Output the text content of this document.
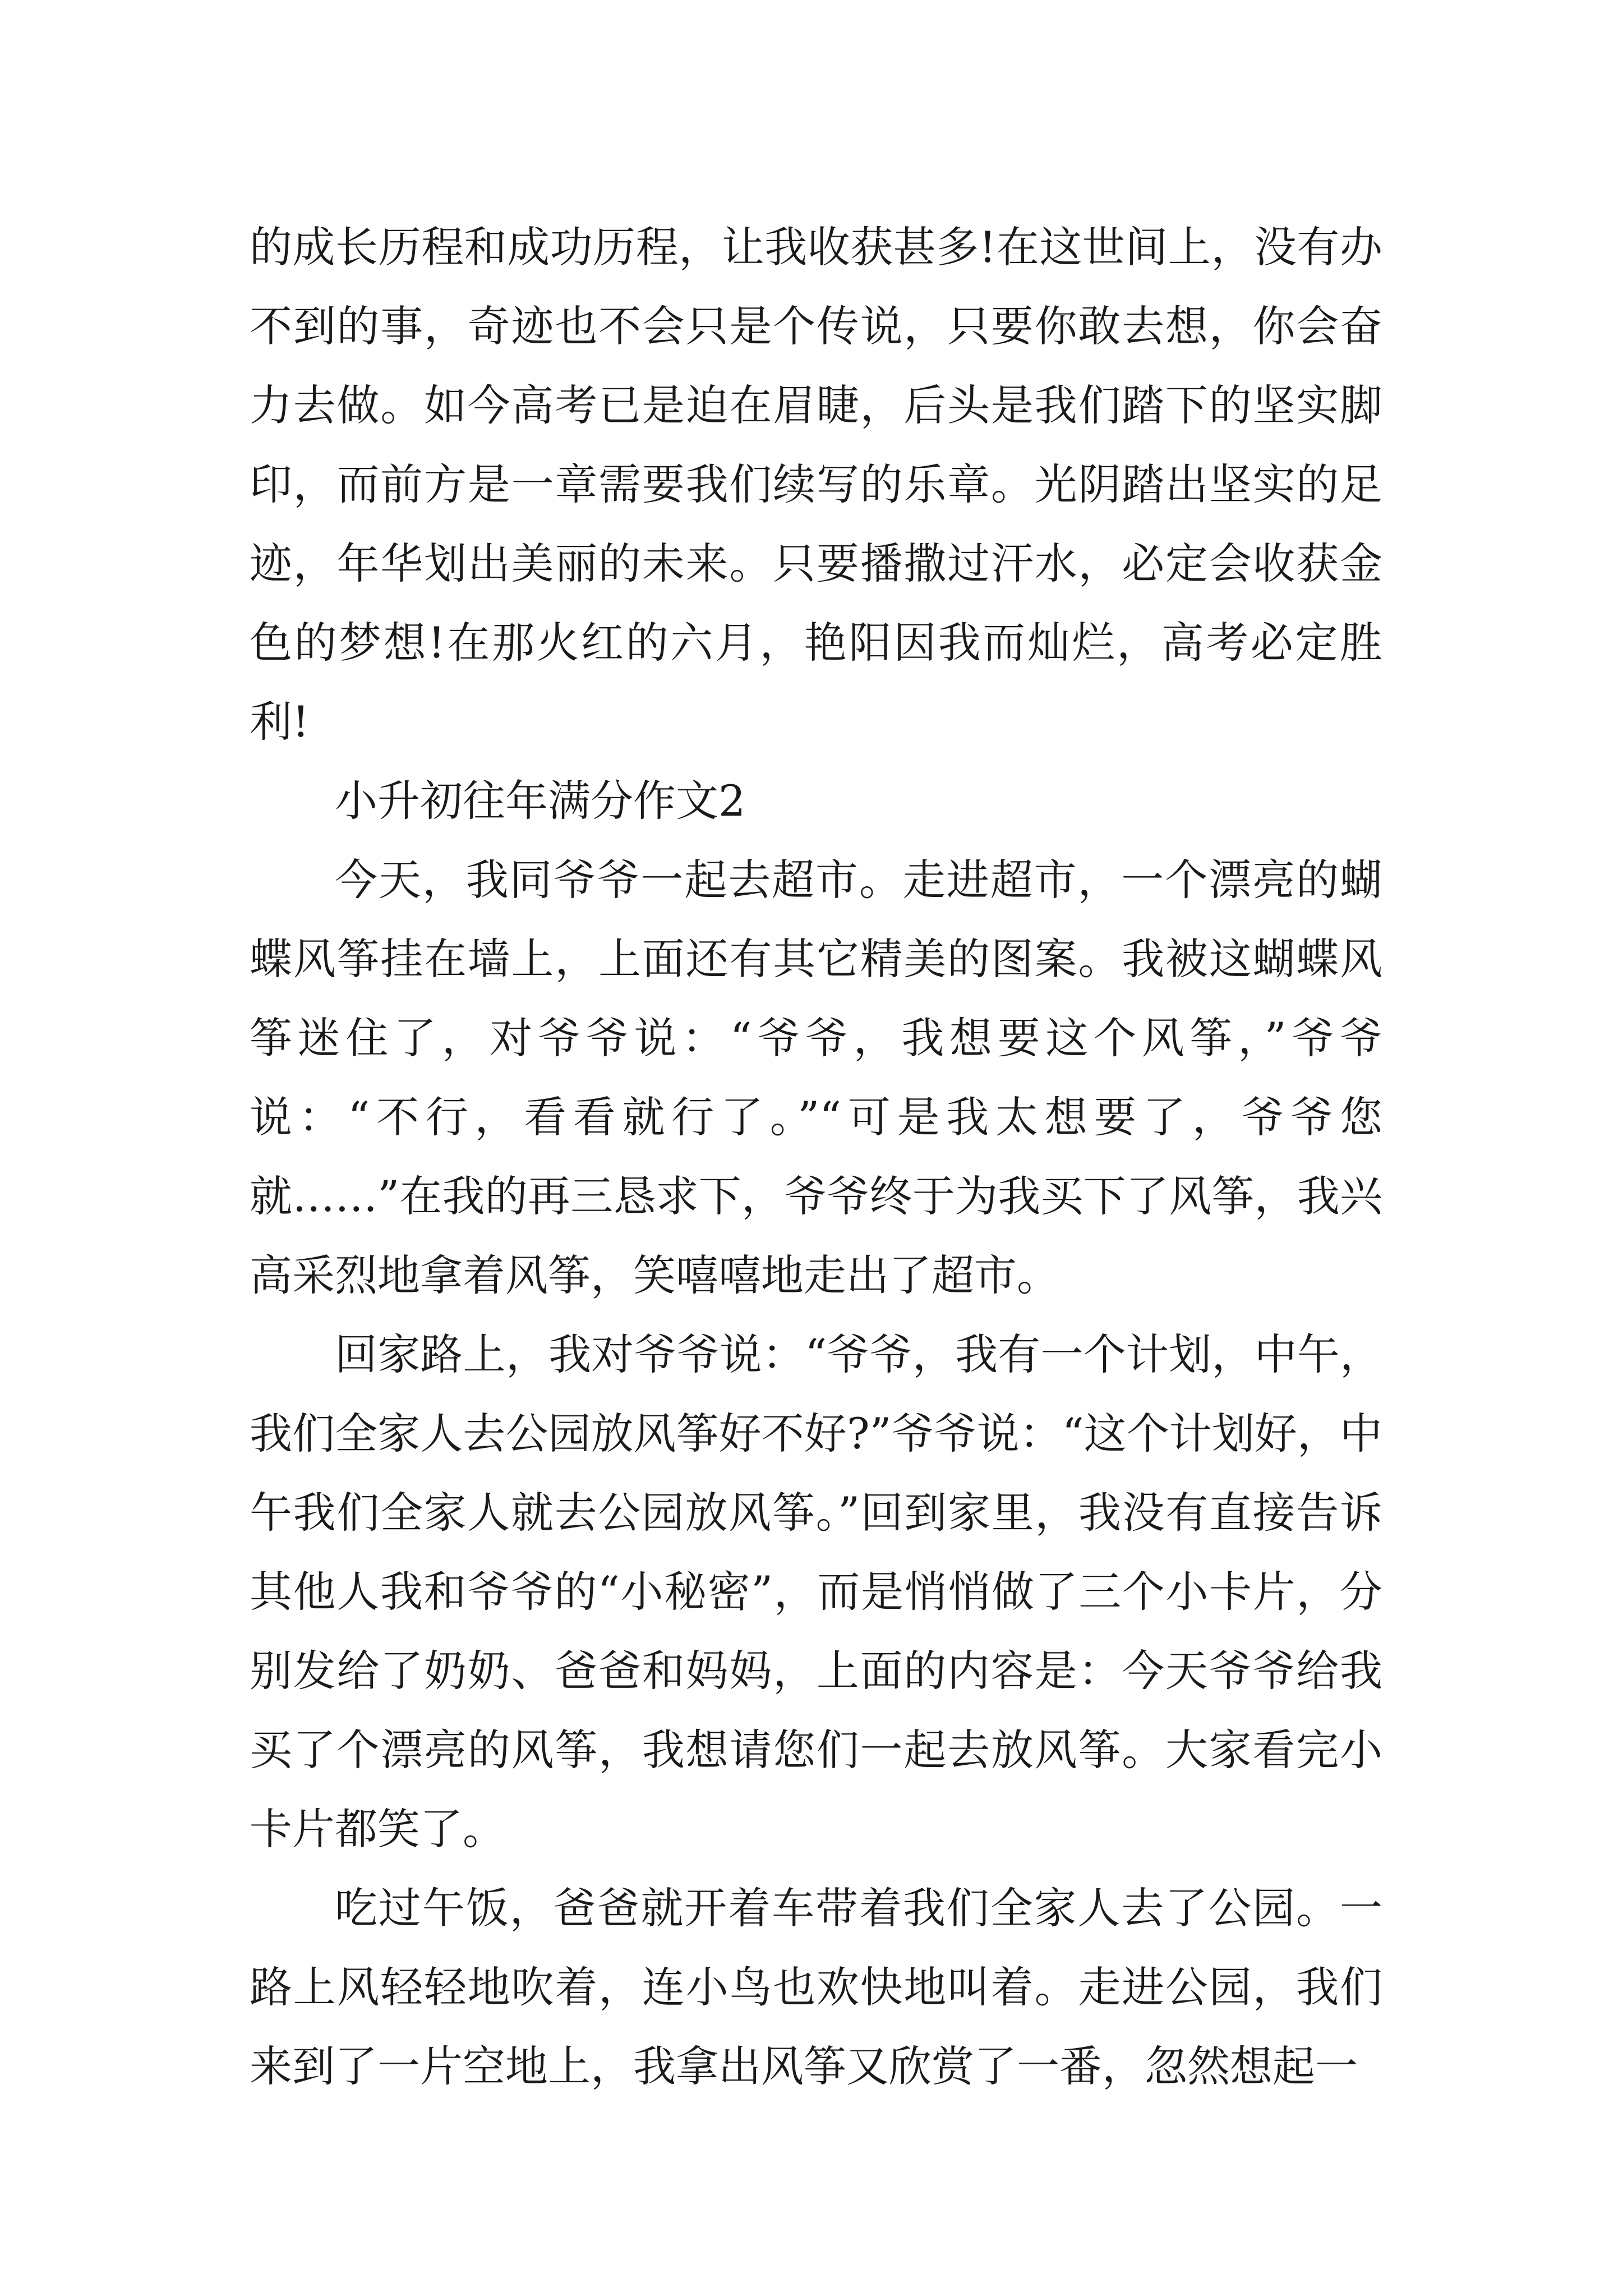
的成长历程和成功历程，让我收获甚多!在这世间上，没有办不到的事，奇迹也不会只是个传说，只要你敢去想，你会奋力去做。如今高考已是迫在眉睫，后头是我们踏下的坚实脚印，而前方是一章需要我们续写的乐章。光阴踏出坚实的足迹，年华划出美丽的未来。只要播撒过汗水，必定会收获金色的梦想!在那火红的六月，艳阳因我而灿烂，高考必定胜利!

小升初往年满分作文2

今天，我同爷爷一起去超市。走进超市，一个漂亮的蝴蝶风筝挂在墙上，上面还有其它精美的图案。我被这蝴蝶风筝迷住了，对爷爷说：“爷爷，我想要这个风筝，”爷爷说：“不行，看看就行了。”“可是我太想要了，爷爷您就……”在我的再三恳求下，爷爷终于为我买下了风筝，我兴高采烈地拿着风筝，笑嘻嘻地走出了超市。

回家路上，我对爷爷说：“爷爷，我有一个计划，中午，我们全家人去公园放风筝好不好?”爷爷说：“这个计划好，中午我们全家人就去公园放风筝。”回到家里，我没有直接告诉其他人我和爷爷的“小秘密”，而是悄悄做了三个小卡片，分别发给了奶奶、爸爸和妈妈，上面的内容是：今天爷爷给我买了个漂亮的风筝，我想请您们一起去放风筝。大家看完小卡片都笑了。

吃过午饭，爸爸就开着车带着我们全家人去了公园。一路上风轻轻地吹着，连小鸟也欢快地叫着。走进公园，我们来到了一片空地上，我拿出风筝又欣赏了一番，忽然想起一
